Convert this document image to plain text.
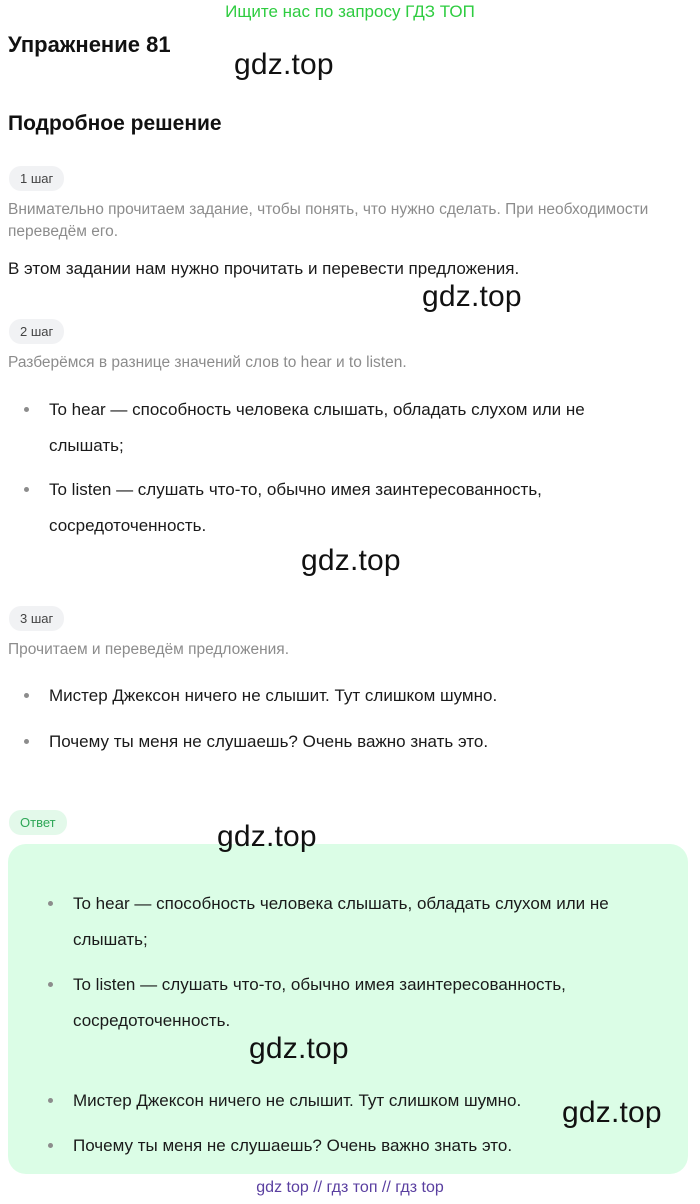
Ищите нас по запросу ГДЗ ТОП
Упражнение 81
gdz.top
Подробное решение
1 шаг
Внимательно прочитаем задание, чтобы понять, что нужно сделать. При необходимости переведём его.
В этом задании нам нужно прочитать и перевести предложения.
gdz.top
2 шаг
Разберёмся в разнице значений слов to hear и to listen.
To hear — способность человека слышать, обладать слухом или не слышать;
To listen — слушать что-то, обычно имея заинтересованность, сосредоточенность.
gdz.top
3 шаг
Прочитаем и переведём предложения.
Мистер Джексон ничего не слышит. Тут слишком шумно.
Почему ты меня не слушаешь? Очень важно знать это.
Ответ	gdz.top
To hear — способность человека слышать, обладать слухом или не слышать;
To listen — слушать что-то, обычно имея заинтересованность, сосредоточенность.
Мистер Джексон ничего не слышит. Тут слишком шумно.
Почему ты меня не слушаешь? Очень важно знать это.
gdz.top
gdz.top
gdz top // гдз топ // гдз top
